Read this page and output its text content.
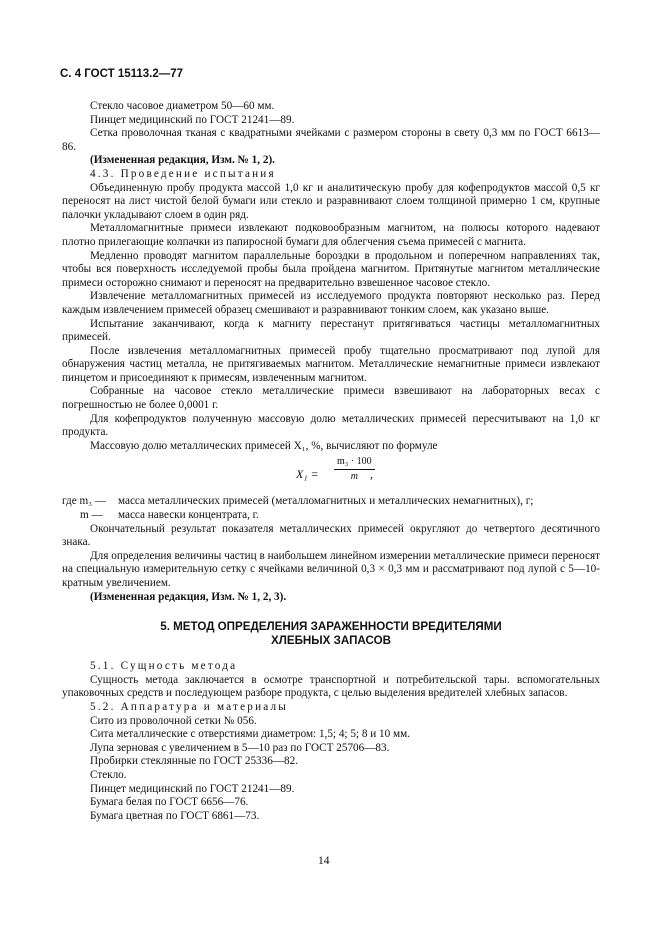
С. 4 ГОСТ 15113.2—77

Стекло часовое диаметром 50—60 мм.

Пинцет медицинский по ГОСТ 21241—89.

Сетка проволочная тканая с квадратными ячейками с размером стороны в свету 0,3 мм по ГОСТ 6613—86.

(Измененная редакция, Изм. № 1, 2).

4.3. Проведение испытания

Объединенную пробу продукта массой 1,0 кг и аналитическую пробу для кофепродуктов массой 0,5 кг переносят на лист чистой белой бумаги или стекло и разравнивают слоем толщиной примерно 1 см, крупные палочки укладывают слоем в один ряд.

Металломагнитные примеси извлекают подковообразным магнитом, на полюсы которого надевают плотно прилегающие колпачки из папиросной бумаги для облегчения съема примесей с магнита.

Медленно проводят магнитом параллельные бороздки в продольном и поперечном направлениях так, чтобы вся поверхность исследуемой пробы была пройдена магнитом. Притянутые магнитом металлические примеси осторожно снимают и переносят на предварительно взвешенное часовое стекло.

Извлечение металломагнитных примесей из исследуемого продукта повторяют несколько раз. Перед каждым извлечением примесей образец смешивают и разравнивают тонким слоем, как указано выше.

Испытание заканчивают, когда к магниту перестанут притягиваться частицы металломагнитных примесей.

После извлечения металломагнитных примесей пробу тщательно просматривают под лупой для обнаружения частиц металла, не притягиваемых магнитом. Металлические немагнитные примеси извлекают пинцетом и присоединяют к примесям, извлеченным магнитом.

Собранные на часовое стекло металлические примеси взвешивают на лабораторных весах с погрешностью не более 0,0001 г.

Для кофепродуктов полученную массовую долю металлических примесей пересчитывают на 1,0 кг продукта.

Массовую долю металлических примесей X₁, %, вычисляют по формуле

$X_1 = \frac{\text{m₃ · 100}}{m}$
,
где m₃ —	масса металлических примесей (металломагнитных и металлических немагнитных), г;
m —	масса навески концентрата, г.

Окончательный результат показателя металлических примесей округляют до четвертого десятичного знака.

Для определения величины частиц в наибольшем линейном измерении металлические примеси переносят на специальную измерительную сетку с ячейками величиной 0,3 × 0,3 мм и рассматривают под лупой с 5—10-кратным увеличением.

(Измененная редакция, Изм. № 1, 2, 3).

5. МЕТОД ОПРЕДЕЛЕНИЯ ЗАРАЖЕННОСТИ ВРЕДИТЕЛЯМИ
ХЛЕБНЫХ ЗАПАСОВ

5.1. Сущность метода

Сущность метода заключается в осмотре транспортной и потребительской тары. вспомогательных упаковочных средств и последующем разборе продукта, с целью выделения вредителей хлебных запасов.

5.2. Аппаратура и материалы

Сито из проволочной сетки № 056.

Сита металлические с отверстиями диаметром: 1,5; 4; 5; 8 и 10 мм.

Лупа зерновая с увеличением в 5—10 раз по ГОСТ 25706—83.

Пробирки стеклянные по ГОСТ 25336—82.

Стекло.

Пинцет медицинский по ГОСТ 21241—89.

Бумага белая по ГОСТ 6656—76.

Бумага цветная по ГОСТ 6861—73.

14
